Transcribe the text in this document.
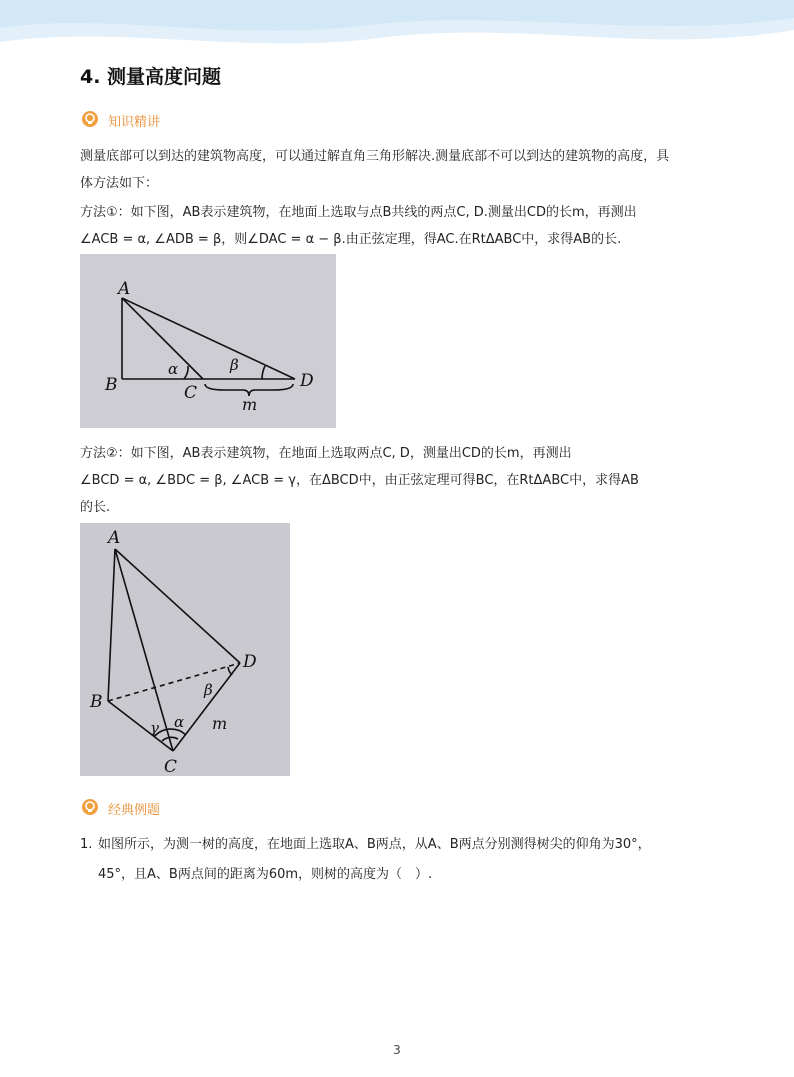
4. 测量高度问题
知识精讲
测量底部可以到达的建筑物高度，可以通过解直角三角形解决.测量底部不可以到达的建筑物的高度，具
体方法如下：
方法①：如下图，AB表示建筑物，在地面上选取与点B共线的两点C, D.测量出CD的长m，再测出
∠ACB = α, ∠ADB = β，则∠DAC = α − β.由正弦定理，得AC.在RtΔABC中，求得AB的长.
A
B	C
D
α	β
m
方法②：如下图，AB表示建筑物，在地面上选取两点C, D，测量出CD的长m，再测出
∠BCD = α, ∠BDC = β, ∠ACB = γ，在ΔBCD中，由正弦定理可得BC，在RtΔABC中，求得AB
的长.
A
B
C
D
α
β
γ	m
经典例题
1. 如图所示，为测一树的高度，在地面上选取A、B两点，从A、B两点分别测得树尖的仰角为30°，
45°，且A、B两点间的距离为60m，则树的高度为（　）.
3
